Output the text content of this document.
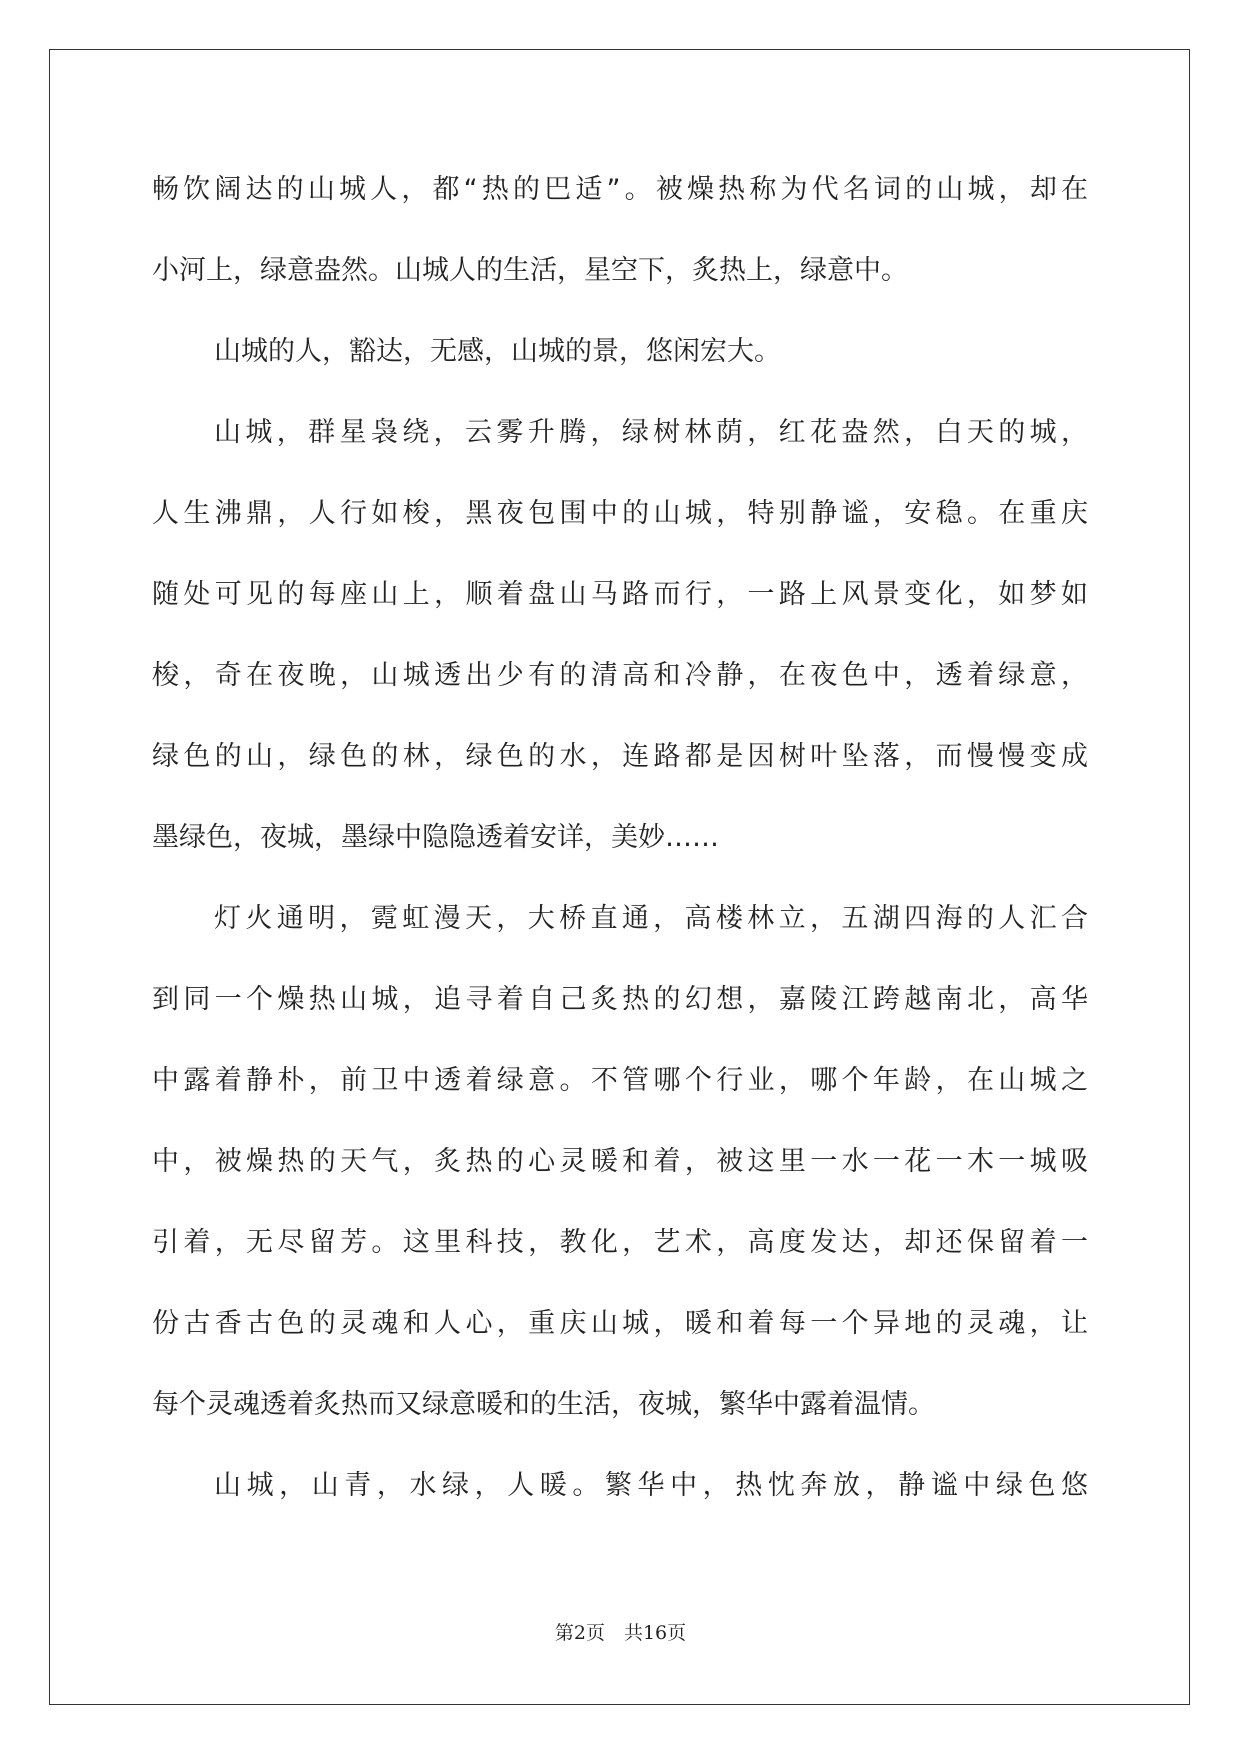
畅饮阔达的山城人，都“热的巴适”。被燥热称为代名词的山城，却在
小河上，绿意盎然。山城人的生活，星空下，炙热上，绿意中。
山城的人，豁达，无感，山城的景，悠闲宏大。
山城，群星袅绕，云雾升腾，绿树林荫，红花盎然，白天的城，
人生沸鼎，人行如梭，黑夜包围中的山城，特别静谧，安稳。在重庆
随处可见的每座山上，顺着盘山马路而行，一路上风景变化，如梦如
梭，奇在夜晚，山城透出少有的清高和冷静，在夜色中，透着绿意，
绿色的山，绿色的林，绿色的水，连路都是因树叶坠落，而慢慢变成
墨绿色，夜城，墨绿中隐隐透着安详，美妙……
灯火通明，霓虹漫天，大桥直通，高楼林立，五湖四海的人汇合
到同一个燥热山城，追寻着自己炙热的幻想，嘉陵江跨越南北，高华
中露着静朴，前卫中透着绿意。不管哪个行业，哪个年龄，在山城之
中，被燥热的天气，炙热的心灵暖和着，被这里一水一花一木一城吸
引着，无尽留芳。这里科技，教化，艺术，高度发达，却还保留着一
份古香古色的灵魂和人心，重庆山城，暖和着每一个异地的灵魂，让
每个灵魂透着炙热而又绿意暖和的生活，夜城，繁华中露着温情。
山城，山青，水绿，人暖。繁华中，热忱奔放，静谧中绿色悠
第2页　共16页
